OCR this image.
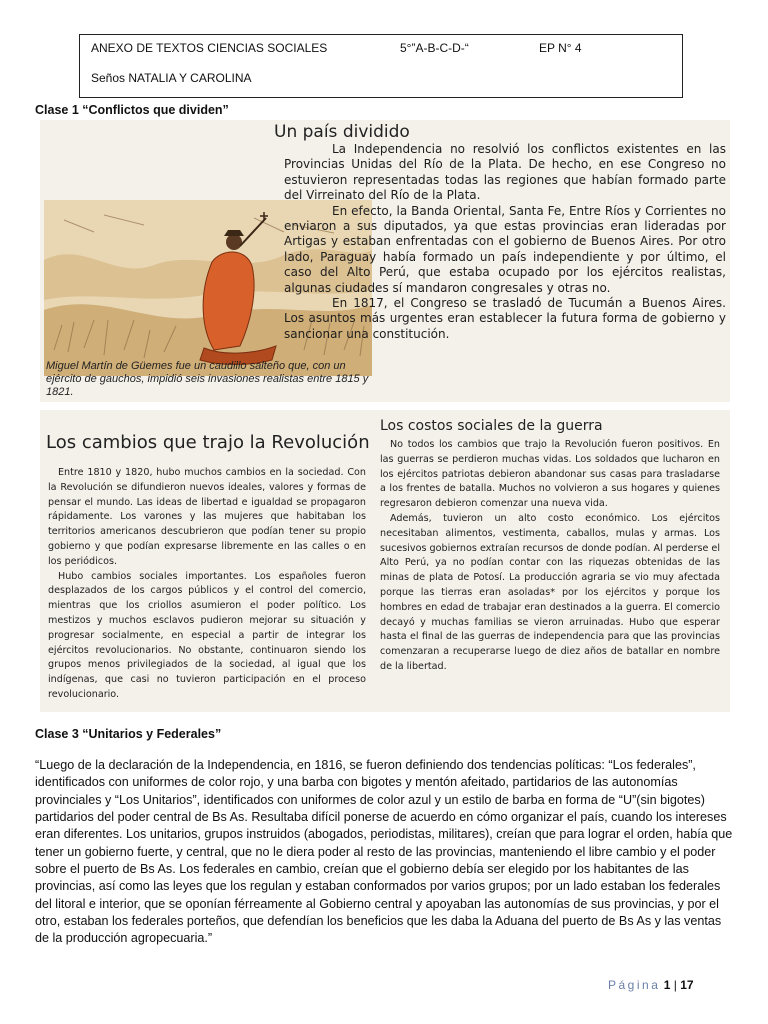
ANEXO DE TEXTOS CIENCIAS SOCIALES	5°”A-B-C-D-“	EP N° 4
Seños NATALIA Y CAROLINA
Clase 1 “Conflictos que dividen”
Un país dividido
Miguel Martín de Güemes fue un caudillo salteño que, con un ejército de gauchos, impidió seis invasiones realistas entre 1815 y 1821.

La Independencia no resolvió los conflictos existentes en las Provincias Unidas del Río de la Plata. De hecho, en ese Congreso no estuvieron representadas todas las regiones que habían formado parte del Virreinato del Río de la Plata.
En efecto, la Banda Oriental, Santa Fe, Entre Ríos y Corrientes no enviaron a sus diputados, ya que estas provincias eran lideradas por Artigas y estaban enfrentadas con el gobierno de Buenos Aires. Por otro lado, Paraguay había formado un país independiente y por último, el caso del Alto Perú, que estaba ocupado por los ejércitos realistas, algunas ciudades sí mandaron congresales y otras no.
En 1817, el Congreso se trasladó de Tucumán a Buenos Aires. Los asuntos más urgentes eran establecer la futura forma de gobierno y sancionar una constitución.

Los cambios que trajo la Revolución

Entre 1810 y 1820, hubo muchos cambios en la sociedad. Con la Revolución se difundieron nuevos ideales, valores y formas de pensar el mundo. Las ideas de libertad e igualdad se propagaron rápidamente. Los varones y las mujeres que habitaban los territorios americanos descubrieron que podían tener su propio gobierno y que podían expresarse libremente en las calles o en los periódicos.
Hubo cambios sociales importantes. Los españoles fueron desplazados de los cargos públicos y el control del comercio, mientras que los criollos asumieron el poder político. Los mestizos y muchos esclavos pudieron mejorar su situación y progresar socialmente, en especial a partir de integrar los ejércitos revolucionarios. No obstante, continuaron siendo los grupos menos privilegiados de la sociedad, al igual que los indígenas, que casi no tuvieron participación en el proceso revolucionario.

Los costos sociales de la guerra

No todos los cambios que trajo la Revolución fueron positivos. En las guerras se perdieron muchas vidas. Los soldados que lucharon en los ejércitos patriotas debieron abandonar sus casas para trasladarse a los frentes de batalla. Muchos no volvieron a sus hogares y quienes regresaron debieron comenzar una nueva vida.
Además, tuvieron un alto costo económico. Los ejércitos necesitaban alimentos, vestimenta, caballos, mulas y armas. Los sucesivos gobiernos extraían recursos de donde podían. Al perderse el Alto Perú, ya no podían contar con las riquezas obtenidas de las minas de plata de Potosí. La producción agraria se vio muy afectada porque las tierras eran asoladas* por los ejércitos y porque los hombres en edad de trabajar eran destinados a la guerra. El comercio decayó y muchas familias se vieron arruinadas. Hubo que esperar hasta el final de las guerras de independencia para que las provincias comenzaran a recuperarse luego de diez años de batallar en nombre de la libertad.

Clase 3 “Unitarios y Federales”

“Luego de la declaración de la Independencia, en 1816, se fueron definiendo dos tendencias políticas: “Los federales”, identificados con uniformes de color rojo, y una barba con bigotes y mentón afeitado, partidarios de las autonomías provinciales y “Los Unitarios”, identificados con uniformes de color azul y un estilo de barba en forma de “U”(sin bigotes) partidarios del poder central de Bs As. Resultaba difícil ponerse de acuerdo en cómo organizar el país, cuando los intereses eran diferentes. Los unitarios, grupos instruidos (abogados, periodistas, militares), creían que para lograr el orden, había que tener un gobierno fuerte, y central, que no le diera poder al resto de las provincias, manteniendo el libre cambio y el poder sobre el puerto de Bs As. Los federales en cambio, creían que el gobierno debía ser elegido por los habitantes de las provincias, así como las leyes que los regulan y estaban conformados por varios grupos; por un lado estaban los federales del litoral e interior, que se oponían férreamente al Gobierno central y apoyaban las autonomías de sus provincias, y por el otro, estaban los federales porteños, que defendían los beneficios que les daba la Aduana del puerto de Bs As y las ventas de la producción agropecuaria.”

Página 1 | 17
